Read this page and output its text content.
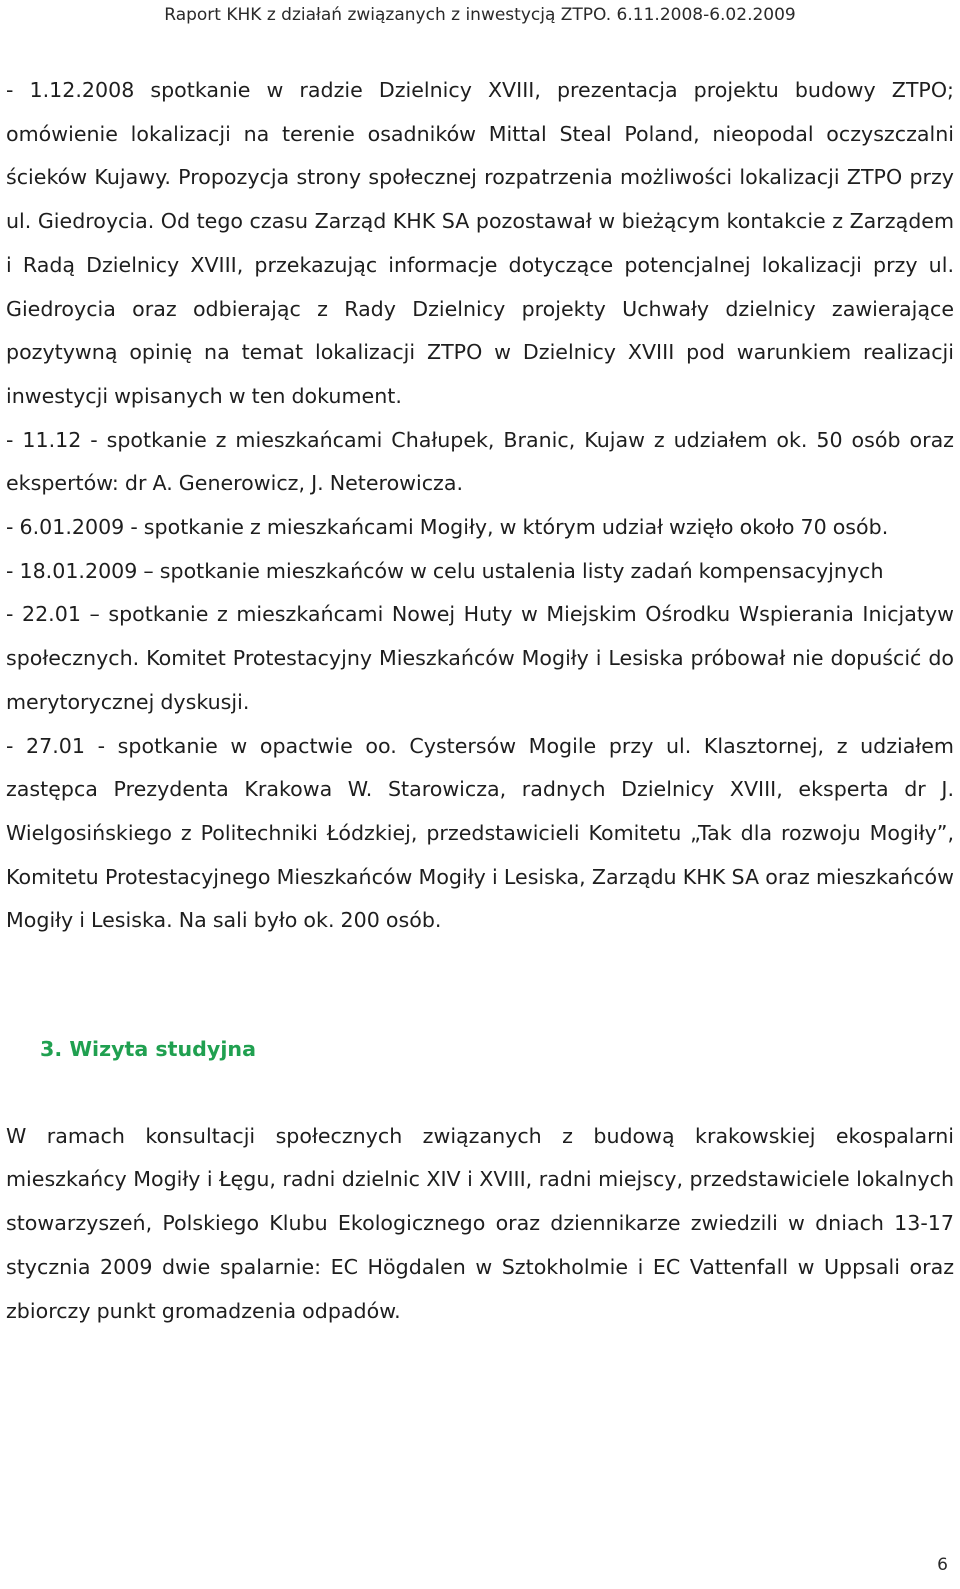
Raport KHK z działań związanych z inwestycją ZTPO. 6.11.2008-6.02.2009

- 1.12.2008 spotkanie w radzie Dzielnicy XVIII, prezentacja projektu budowy ZTPO; omówienie lokalizacji na terenie osadników Mittal Steal Poland, nieopodal oczyszczalni ścieków Kujawy. Propozycja strony społecznej rozpatrzenia możliwości lokalizacji ZTPO przy ul. Giedroycia. Od tego czasu Zarząd KHK SA pozostawał w bieżącym kontakcie z Zarządem i Radą Dzielnicy XVIII, przekazując informacje dotyczące potencjalnej lokalizacji przy ul. Giedroycia oraz odbierając z Rady Dzielnicy projekty Uchwały dzielnicy zawierające pozytywną opinię na temat lokalizacji ZTPO w Dzielnicy XVIII pod warunkiem realizacji inwestycji wpisanych w ten dokument.

- 11.12 - spotkanie z mieszkańcami Chałupek, Branic, Kujaw z udziałem ok. 50 osób oraz ekspertów: dr A. Generowicz, J. Neterowicza.

- 6.01.2009 - spotkanie z mieszkańcami Mogiły, w którym udział wzięło około 70 osób.

- 18.01.2009 – spotkanie mieszkańców w celu ustalenia listy zadań kompensacyjnych

- 22.01 – spotkanie z mieszkańcami Nowej Huty w Miejskim Ośrodku Wspierania Inicjatyw społecznych. Komitet Protestacyjny Mieszkańców Mogiły i Lesiska próbował nie dopuścić do merytorycznej dyskusji.

- 27.01 - spotkanie w opactwie oo. Cystersów Mogile przy ul. Klasztornej, z udziałem zastępca Prezydenta Krakowa W. Starowicza, radnych Dzielnicy XVIII, eksperta dr J. Wielgosińskiego z Politechniki Łódzkiej, przedstawicieli Komitetu „Tak dla rozwoju Mogiły”, Komitetu Protestacyjnego Mieszkańców Mogiły i Lesiska, Zarządu KHK SA oraz mieszkańców Mogiły i Lesiska. Na sali było ok. 200 osób.

3. Wizyta studyjna

W ramach konsultacji społecznych związanych z budową krakowskiej ekospalarni mieszkańcy Mogiły i Łęgu, radni dzielnic XIV i XVIII, radni miejscy, przedstawiciele lokalnych stowarzyszeń, Polskiego Klubu Ekologicznego oraz dziennikarze zwiedzili w dniach 13-17 stycznia 2009 dwie spalarnie: EC Högdalen w Sztokholmie i EC Vattenfall w Uppsali oraz zbiorczy punkt gromadzenia odpadów.

6
